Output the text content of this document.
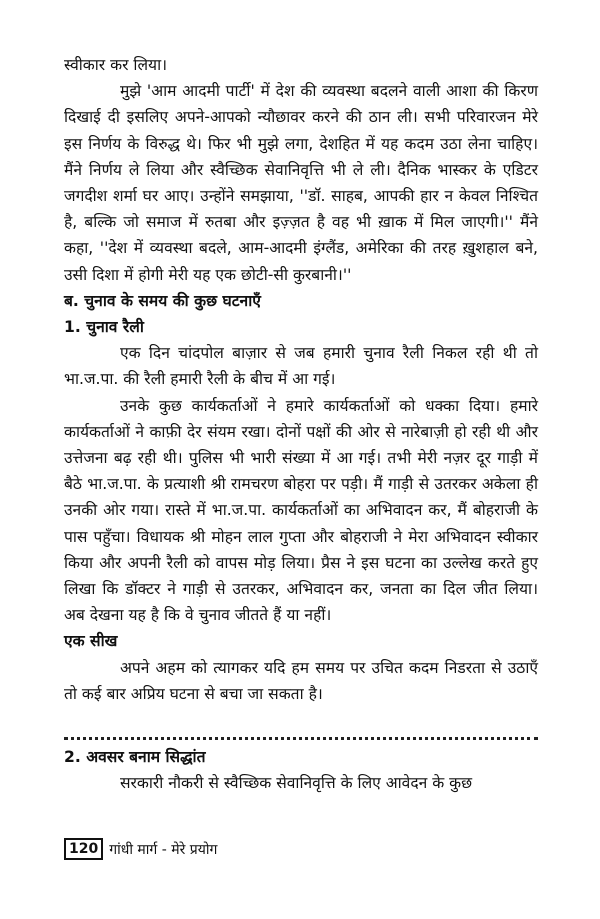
स्वीकार कर लिया।

मुझे 'आम आदमी पार्टी' में देश की व्यवस्था बदलने वाली आशा की किरण दिखाई दी इसलिए अपने-आपको न्यौछावर करने की ठान ली। सभी परिवारजन मेरे इस निर्णय के विरुद्ध थे। फिर भी मुझे लगा, देशहित में यह कदम उठा लेना चाहिए। मैंने निर्णय ले लिया और स्वैच्छिक सेवानिवृत्ति भी ले ली। दैनिक भास्कर के एडिटर जगदीश शर्मा घर आए। उन्होंने समझाया, ''डॉ. साहब, आपकी हार न केवल निश्चित है, बल्कि जो समाज में रुतबा और इज़्ज़त है वह भी ख़ाक में मिल जाएगी।'' मैंने कहा, ''देश में व्यवस्था बदले, आम-आदमी इंग्लैंड, अमेरिका की तरह ख़ुशहाल बने, उसी दिशा में होगी मेरी यह एक छोटी-सी कुरबानी।''

ब. चुनाव के समय की कुछ घटनाएँ

1. चुनाव रैली

एक दिन चांदपोल बाज़ार से जब हमारी चुनाव रैली निकल रही थी तो भा.ज.पा. की रैली हमारी रैली के बीच में आ गई।

उनके कुछ कार्यकर्ताओं ने हमारे कार्यकर्ताओं को धक्का दिया। हमारे कार्यकर्ताओं ने काफ़ी देर संयम रखा। दोनों पक्षों की ओर से नारेबाज़ी हो रही थी और उत्तेजना बढ़ रही थी। पुलिस भी भारी संख्या में आ गई। तभी मेरी नज़र दूर गाड़ी में बैठे भा.ज.पा. के प्रत्याशी श्री रामचरण बोहरा पर पड़ी। मैं गाड़ी से उतरकर अकेला ही उनकी ओर गया। रास्ते में भा.ज.पा. कार्यकर्ताओं का अभिवादन कर, मैं बोहराजी के पास पहुँचा। विधायक श्री मोहन लाल गुप्ता और बोहराजी ने मेरा अभिवादन स्वीकार किया और अपनी रैली को वापस मोड़ लिया। प्रैस ने इस घटना का उल्लेख करते हुए लिखा कि डॉक्टर ने गाड़ी से उतरकर, अभिवादन कर, जनता का दिल जीत लिया। अब देखना यह है कि वे चुनाव जीतते हैं या नहीं।

एक सीख

अपने अहम को त्यागकर यदि हम समय पर उचित कदम निडरता से उठाएँ तो कई बार अप्रिय घटना से बचा जा सकता है।

2. अवसर बनाम सिद्धांत

सरकारी नौकरी से स्वैच्छिक सेवानिवृत्ति के लिए आवेदन के कुछ

120 गांधी मार्ग - मेरे प्रयोग
